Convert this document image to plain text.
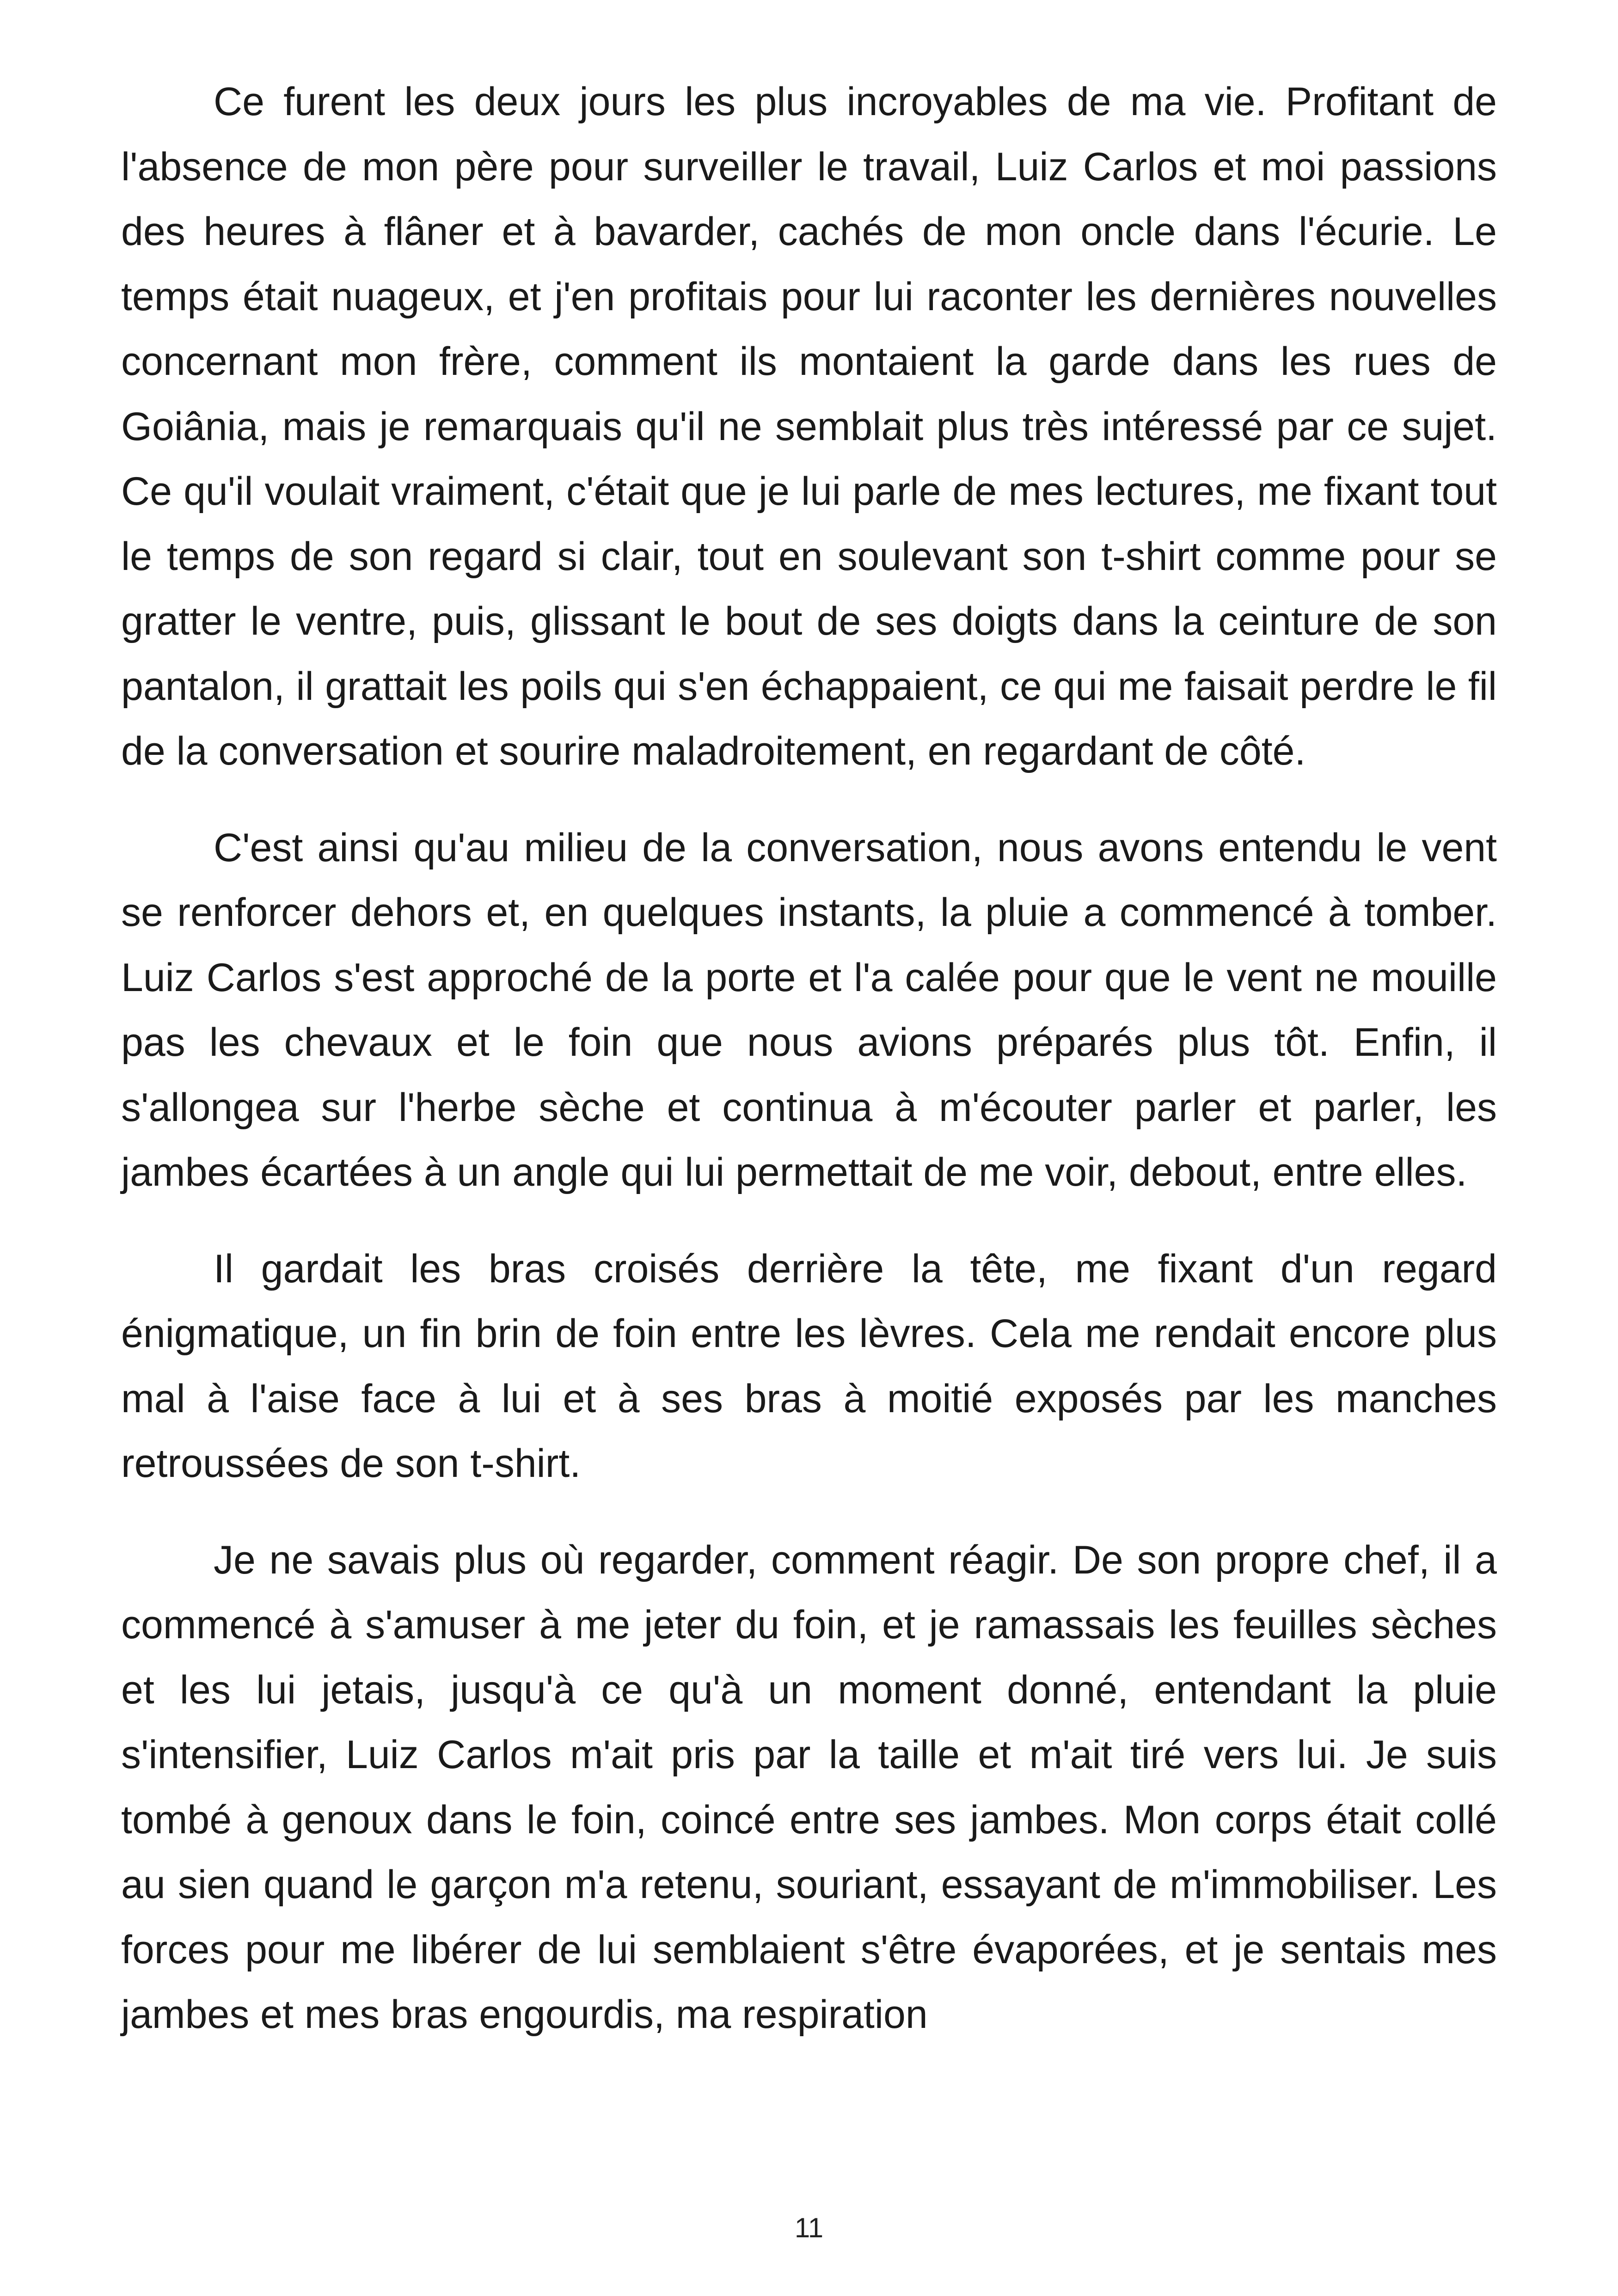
Ce furent les deux jours les plus incroyables de ma vie. Profitant de l'absence de mon père pour surveiller le travail, Luiz Carlos et moi passions des heures à flâner et à bavarder, cachés de mon oncle dans l'écurie. Le temps était nuageux, et j'en profitais pour lui raconter les dernières nouvelles concernant mon frère, comment ils montaient la garde dans les rues de Goiânia, mais je remarquais qu'il ne semblait plus très intéressé par ce sujet. Ce qu'il voulait vraiment, c'était que je lui parle de mes lectures, me fixant tout le temps de son regard si clair, tout en soulevant son t-shirt comme pour se gratter le ventre, puis, glissant le bout de ses doigts dans la ceinture de son pantalon, il grattait les poils qui s'en échappaient, ce qui me faisait perdre le fil de la conversation et sourire maladroitement, en regardant de côté.

C'est ainsi qu'au milieu de la conversation, nous avons entendu le vent se renforcer dehors et, en quelques instants, la pluie a commencé à tomber. Luiz Carlos s'est approché de la porte et l'a calée pour que le vent ne mouille pas les chevaux et le foin que nous avions préparés plus tôt. Enfin, il s'allongea sur l'herbe sèche et continua à m'écouter parler et parler, les jambes écartées à un angle qui lui permettait de me voir, debout, entre elles.

Il gardait les bras croisés derrière la tête, me fixant d'un regard énigmatique, un fin brin de foin entre les lèvres. Cela me rendait encore plus mal à l'aise face à lui et à ses bras à moitié exposés par les manches retroussées de son t-shirt.

Je ne savais plus où regarder, comment réagir. De son propre chef, il a commencé à s'amuser à me jeter du foin, et je ramassais les feuilles sèches et les lui jetais, jusqu'à ce qu'à un moment donné, entendant la pluie s'intensifier, Luiz Carlos m'ait pris par la taille et m'ait tiré vers lui. Je suis tombé à genoux dans le foin, coincé entre ses jambes. Mon corps était collé au sien quand le garçon m'a retenu, souriant, essayant de m'immobiliser. Les forces pour me libérer de lui semblaient s'être évaporées, et je sentais mes jambes et mes bras engourdis, ma respiration

11
